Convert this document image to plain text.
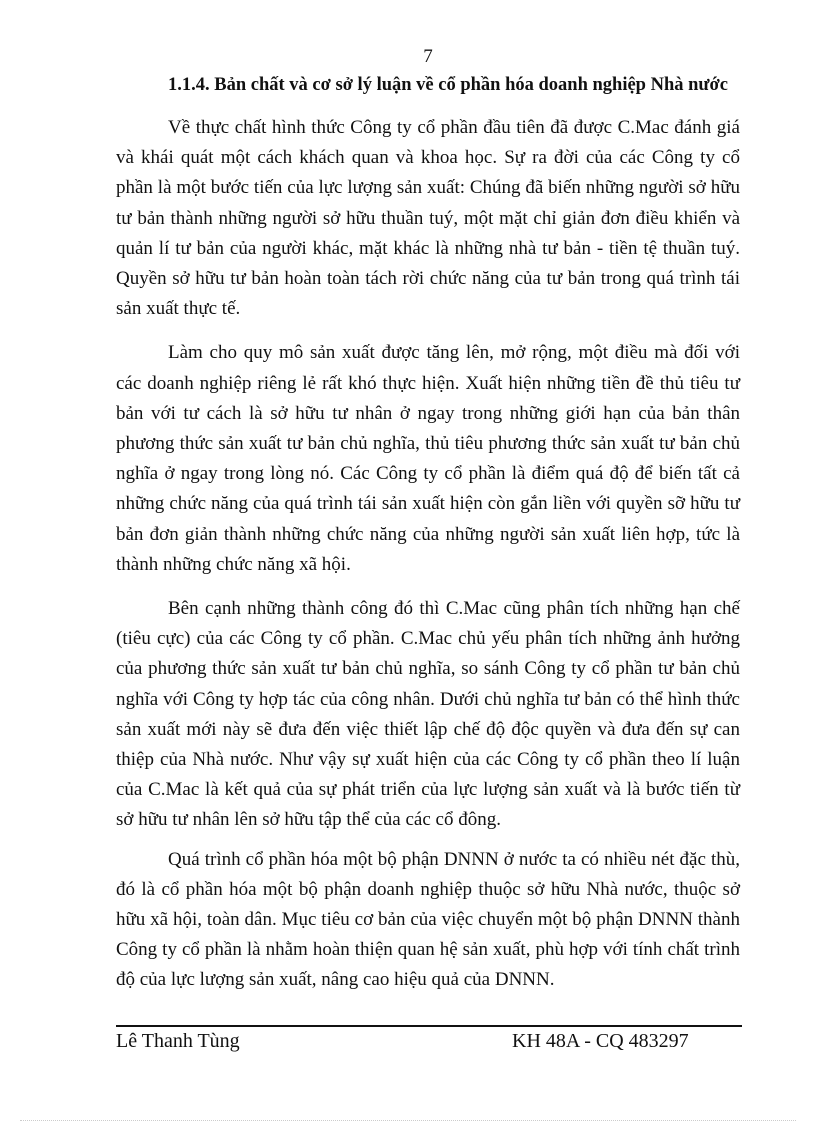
7

1.1.4. Bản chất và cơ sở lý luận về cổ phần hóa doanh nghiệp Nhà nước

Về thực chất hình thức Công ty cổ phần đầu tiên đã được C.Mac đánh giá và khái quát một cách khách quan và khoa học. Sự ra đời của các Công ty cổ phần là một bước tiến của lực lượng sản xuất: Chúng đã biến những người sở hữu tư bản thành những người sở hữu thuần tuý, một mặt chỉ giản đơn điều khiển và quản lí tư bản của người khác, mặt khác là những nhà tư bản - tiền tệ thuần tuý. Quyền sở hữu tư bản hoàn toàn tách rời chức năng của tư bản trong quá trình tái sản xuất thực tế.

Làm cho quy mô sản xuất được tăng lên, mở rộng, một điều mà đối với các doanh nghiệp riêng lẻ rất khó thực hiện. Xuất hiện những tiền đề thủ tiêu tư bản với tư cách là sở hữu tư nhân ở ngay trong những giới hạn của bản thân phương thức sản xuất tư bản chủ nghĩa, thủ tiêu phương thức sản xuất tư bản chủ nghĩa ở ngay trong lòng nó. Các Công ty cổ phần là điểm quá độ để biến tất cả những chức năng của quá trình tái sản xuất hiện còn gắn liền với quyền sỡ hữu tư bản đơn giản thành những chức năng của những người sản xuất liên hợp, tức là thành những chức năng xã hội.

Bên cạnh những thành công đó thì C.Mac cũng phân tích những hạn chế (tiêu cực) của các Công ty cổ phần. C.Mac chủ yếu phân tích những ảnh hưởng của phương thức sản xuất tư bản chủ nghĩa, so sánh Công ty cổ phần tư bản chủ nghĩa với Công ty hợp tác của công nhân. Dưới chủ nghĩa tư bản có thể hình thức sản xuất mới này sẽ đưa đến việc thiết lập chế độ độc quyền và đưa đến sự can thiệp của Nhà nước. Như vậy sự xuất hiện của các Công ty cổ phần theo lí luận của C.Mac là kết quả của sự phát triển của lực lượng sản xuất và là bước tiến từ sở hữu tư nhân lên sở hữu tập thể của các cổ đông.

Quá trình cổ phần hóa một bộ phận DNNN ở nước ta có nhiều nét đặc thù, đó là cổ phần hóa một bộ phận doanh nghiệp thuộc sở hữu Nhà nước, thuộc sở hữu xã hội, toàn dân. Mục tiêu cơ bản của việc chuyển một bộ phận DNNN thành Công ty cổ phần là nhằm hoàn thiện quan hệ sản xuất, phù hợp với tính chất trình độ của lực lượng sản xuất, nâng cao hiệu quả của DNNN.

Lê Thanh Tùng	KH 48A - CQ 483297
